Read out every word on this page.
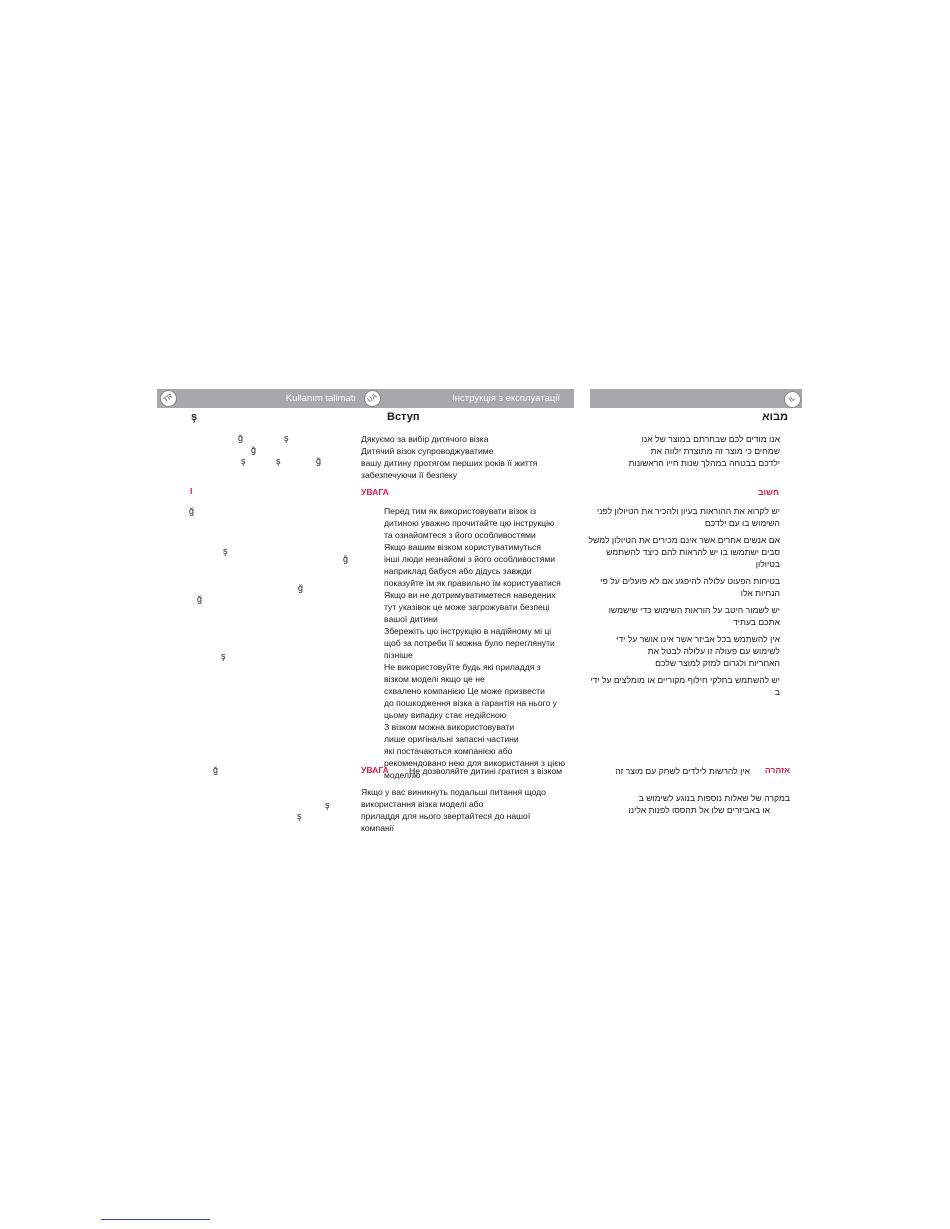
TR	Kullanım talimatı
ş
ğ	ş
ğ
ş	ş	ğ
I
ğ
ş
ğ
ğ
ğ
ş
ğ
ş
ş
UA	Інструкція з експлуатації
Вступ
Дякуємо за вибір дитячого візка
Дитячий візок супроводжуватиме
вашу дитину протягом перших років її життя
забезпечуючи її безпеку
УВАГА
Перед тим як використовувати візок із
дитиною уважно прочитайте цю інструкцію
та ознайомтеся з його особливостями
Якщо вашим візком користуватимуться
інші люди незнайомі з його особливостями
наприклад бабуся або дідусь завжди
показуйте їм як правильно їм користуватися
Якщо ви не дотримуватиметеся наведених
тут указівок це може загрожувати безпеці
вашої дитини
Збережіть цю інструкцію в надійному мі ці
щоб за потреби її можна було переглянути
пізніше
Не використовуйте будь які приладдя з
візком моделі якщо це не
схвалено компанією Це може призвести
до пошкодження візка а гарантія на нього у
цьому випадку стає недійсною
З візком можна використовувати
лише оригінальні запасні частини
які постачаються компанією або
рекомендовано нею для використання з цією
моделлю
УВАГА Не дозволяйте дитині гратися з візком
Якщо у вас виникнуть подальші питання щодо
використання візка моделі або
приладдя для нього звертайтеся до нашої
компанії
IL
מבוא
אנו מודים לכם שבחרתם במוצר של אנו
שמחים כי מוצר זה מתוצרת ילווה את
ילדכם בבטחה במהלך שנות חייו הראשונות
חשוב
יש לקרוא את ההוראות בעיון ולהכיר את הטיולון לפני
השימוש בו עם ילדכם
אם אנשים אחרים אשר אינם מכירים את הטיולון למשל
סבים ישתמשו בו יש להראות להם כיצד להשתמש
בטיולון
בטיחות הפעוט עלולה להיפגע אם לא פועלים על פי
הנחיות אלו
יש לשמור היטב על הוראות השימוש כדי שישמשו
אתכם בעתיד
אין להשתמש בכל אביזר אשר אינו אושר על ידי
לשימוש עם פעולה זו עלולה לבטל את
האחריות ולגרום למזק למוצר שלכם
יש להשתמש בחלקי חילוף מקוריים או מומלצים על ידי
ב
אזהרה
אין להרשות לילדים לשחק עם מוצר זה
במקרה של שאלות נוספות בנוגע לשימוש ב
או באביזרים שלו אל תהססו לפנות אלינו
